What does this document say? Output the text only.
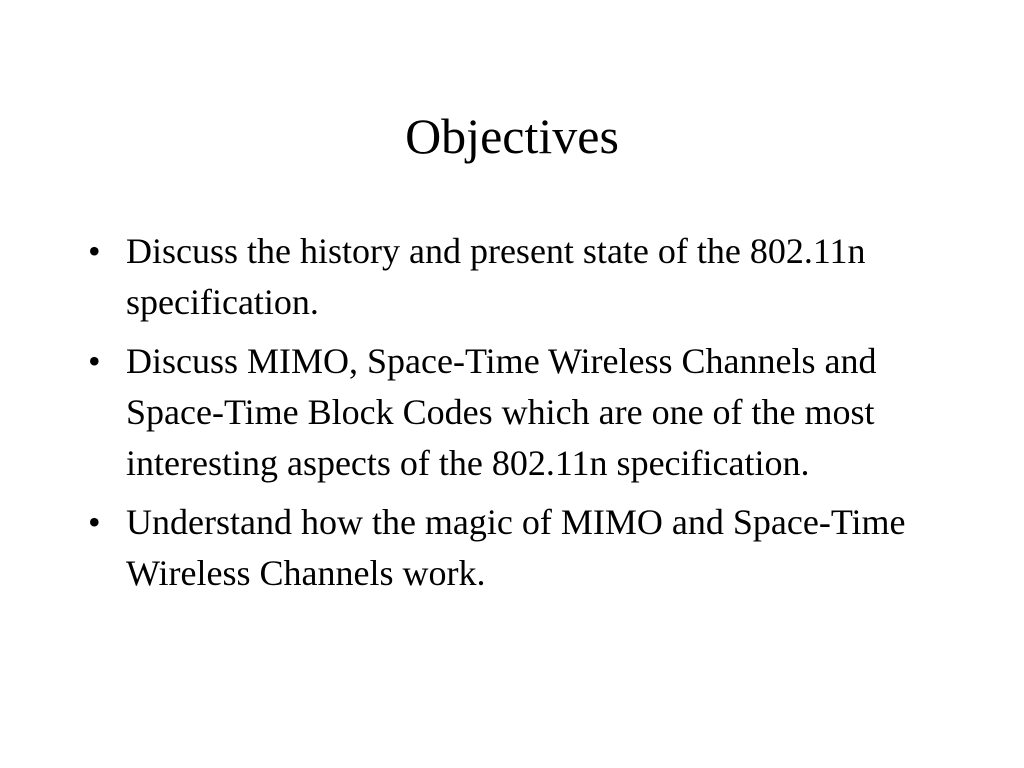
Objectives
• Discuss the history and present state of the 802.11n specification.
• Discuss MIMO, Space-Time Wireless Channels and Space-Time Block Codes which are one of the most interesting aspects of the 802.11n specification.
• Understand how the magic of MIMO and Space-Time Wireless Channels work.
